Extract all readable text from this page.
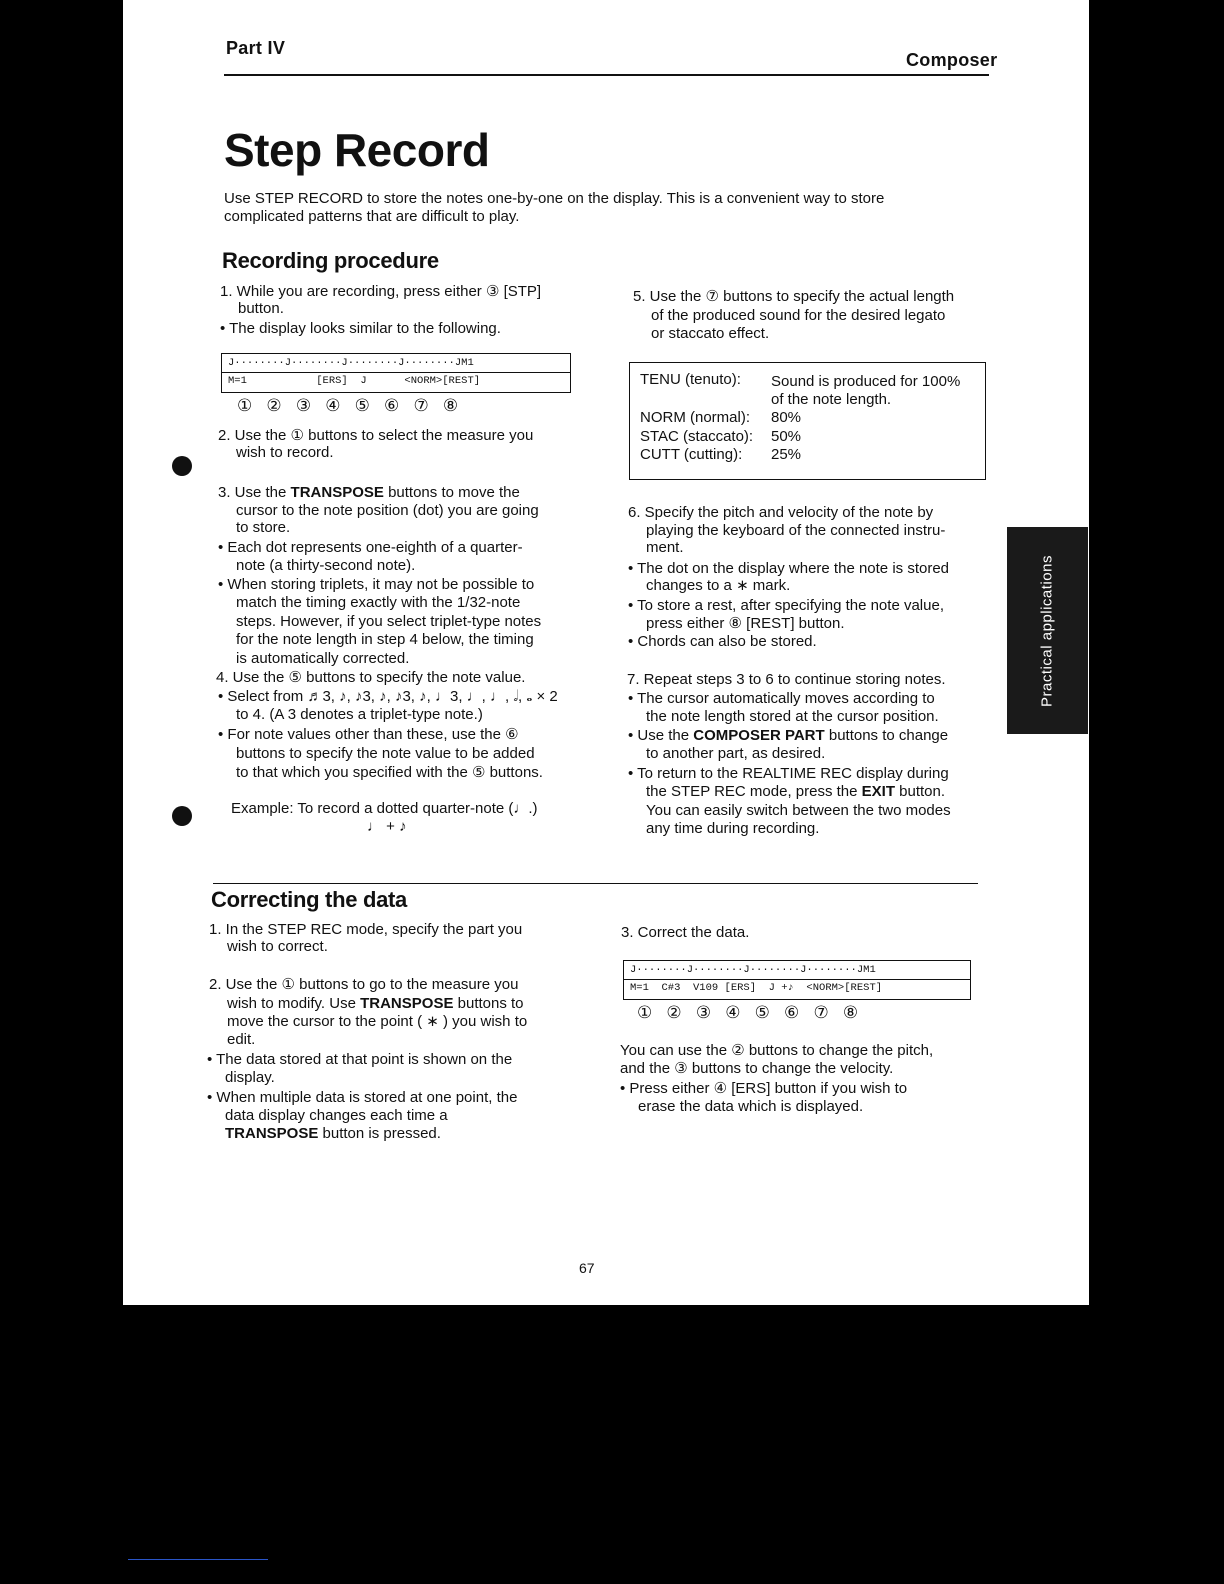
Part IV
Composer
Step Record
Use STEP RECORD to store the notes one-by-one on the display. This is a convenient way to store
complicated patterns that are difficult to play.
Recording procedure
1. While you are recording, press either ③ [STP]
button.
• The display looks similar to the following.
J········J········J········J········JM1
M=1           [ERS]  J      <NORM>[REST]
①   ②   ③   ④   ⑤   ⑥   ⑦   ⑧
2. Use the ① buttons to select the measure you
wish to record.
3. Use the TRANSPOSE buttons to move the
cursor to the note position (dot) you are going
to store.
• Each dot represents one-eighth of a quarter-
note (a thirty-second note).
• When storing triplets, it may not be possible to
match the timing exactly with the 1/32-note
steps. However, if you select triplet-type notes
for the note length in step 4 below, the timing
is automatically corrected.
4. Use the ⑤ buttons to specify the note value.
• Select from ♬3, ♪, ♪3, ♪, ♪3, ♪, ♩3, ♩, ♩, 𝅗𝅥, 𝅝 × 2
to 4. (A 3 denotes a triplet-type note.)
• For note values other than these, use the ⑥
buttons to specify the note value to be added
to that which you specified with the ⑤ buttons.
Example: To record a dotted quarter-note (♩.)
♩ + ♪
5. Use the ⑦ buttons to specify the actual length
of the produced sound for the desired legato
or staccato effect.
TENU (tenuto): Sound is produced for 100%
of the note length.
NORM (normal): 80%
STAC (staccato): 50%
CUTT (cutting): 25%
6. Specify the pitch and velocity of the note by
playing the keyboard of the connected instru-
ment.
• The dot on the display where the note is stored
changes to a ∗ mark.
• To store a rest, after specifying the note value,
press either ⑧ [REST] button.
• Chords can also be stored.
7. Repeat steps 3 to 6 to continue storing notes.
• The cursor automatically moves according to
the note length stored at the cursor position.
• Use the COMPOSER PART buttons to change
to another part, as desired.
• To return to the REALTIME REC display during
the STEP REC mode, press the EXIT button.
You can easily switch between the two modes
any time during recording.
Correcting the data
1. In the STEP REC mode, specify the part you
wish to correct.
2. Use the ① buttons to go to the measure you
wish to modify. Use TRANSPOSE buttons to
move the cursor to the point ( ∗ ) you wish to
edit.
• The data stored at that point is shown on the
display.
• When multiple data is stored at one point, the
data display changes each time a
TRANSPOSE button is pressed.
3. Correct the data.
J········J········J········J········JM1
M=1  C#3  V109 [ERS]  J +♪  <NORM>[REST]
①   ②   ③   ④   ⑤   ⑥   ⑦   ⑧
You can use the ② buttons to change the pitch,
and the ③ buttons to change the velocity.
• Press either ④ [ERS] button if you wish to
erase the data which is displayed.
67
Practical applications
